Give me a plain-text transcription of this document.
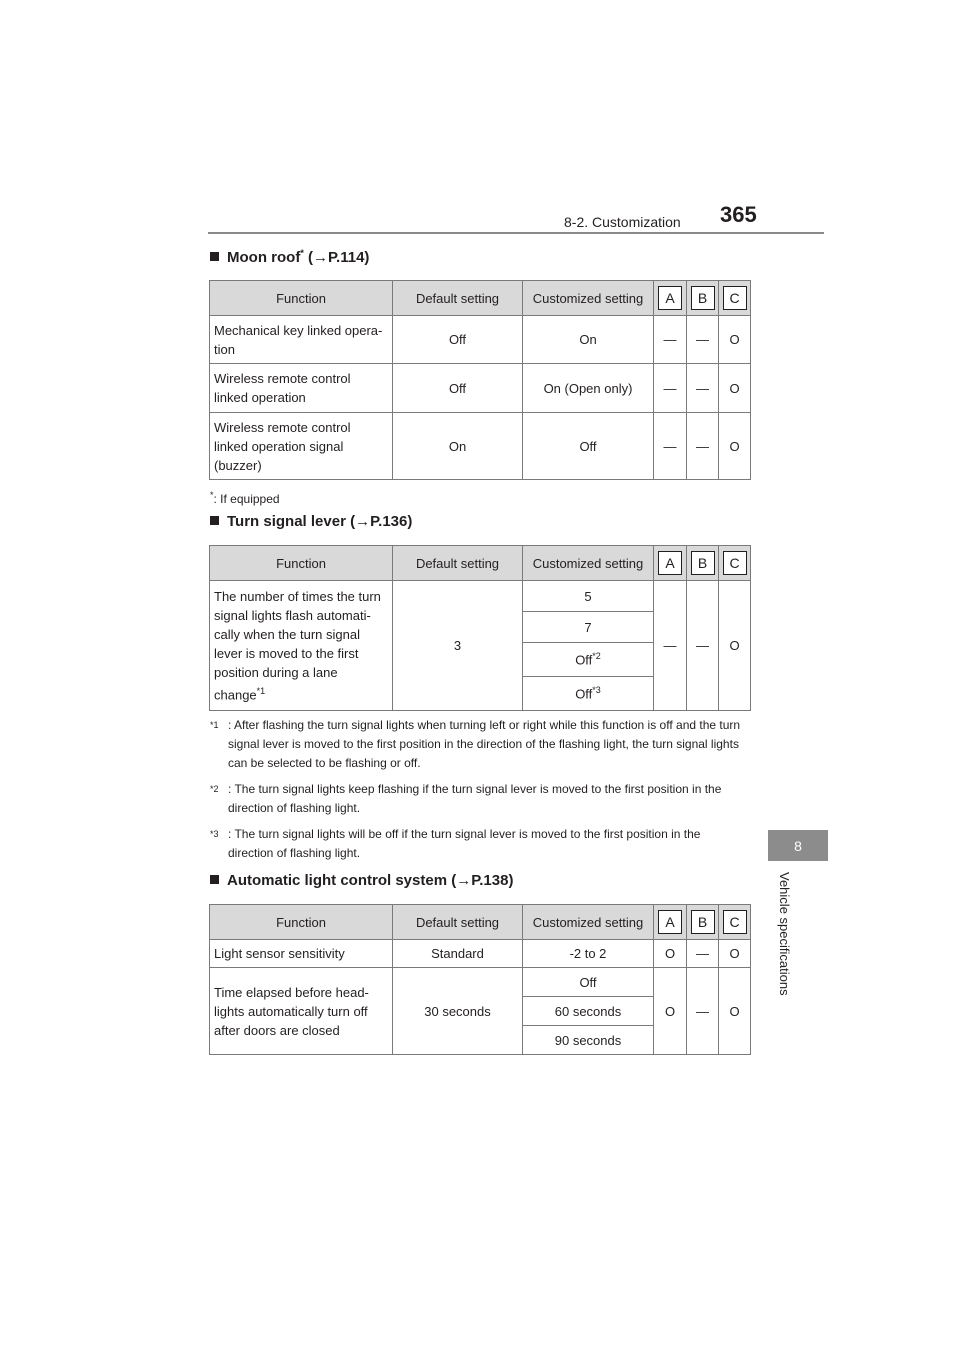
8-2. Customization 365
8
Vehicle specifications
Moon roof* (→P.114)
Function	Default setting	Customized setting	A	B	C
Mechanical key linked opera-tion	Off	On	—	—	O
Wireless remote control linked operation	Off	On (Open only)	—	—	O
Wireless remote control linked operation signal (buzzer)	On	Off	—	—	O
*: If equipped
Turn signal lever (→P.136)
Function	Default setting	Customized setting	A	B	C
The number of times the turn signal lights flash automati-cally when the turn signal lever is moved to the first position during a lane change$^{*1}$	3	5	—	—	O
		7			
		Off$^{*2}$
		Off$^{*3}$
$^{*1}$ : After flashing the turn signal lights when turning left or right while this function is off and the turn signal lever is moved to the first position in the direction of the flashing light, the turn signal lights can be selected to be flashing or off.
$^{*2}$ : The turn signal lights keep flashing if the turn signal lever is moved to the first position in the direction of flashing light.
$^{*3}$ : The turn signal lights will be off if the turn signal lever is moved to the first position in the direction of flashing light.
Automatic light control system (→P.138)
Function	Default setting	Customized setting	A	B	C
Light sensor sensitivity	Standard	-2 to 2	O	—	O
Time elapsed before head-lights automatically turn off after doors are closed	30 seconds	Off	O	—	O
		60 seconds			
		90 seconds			
